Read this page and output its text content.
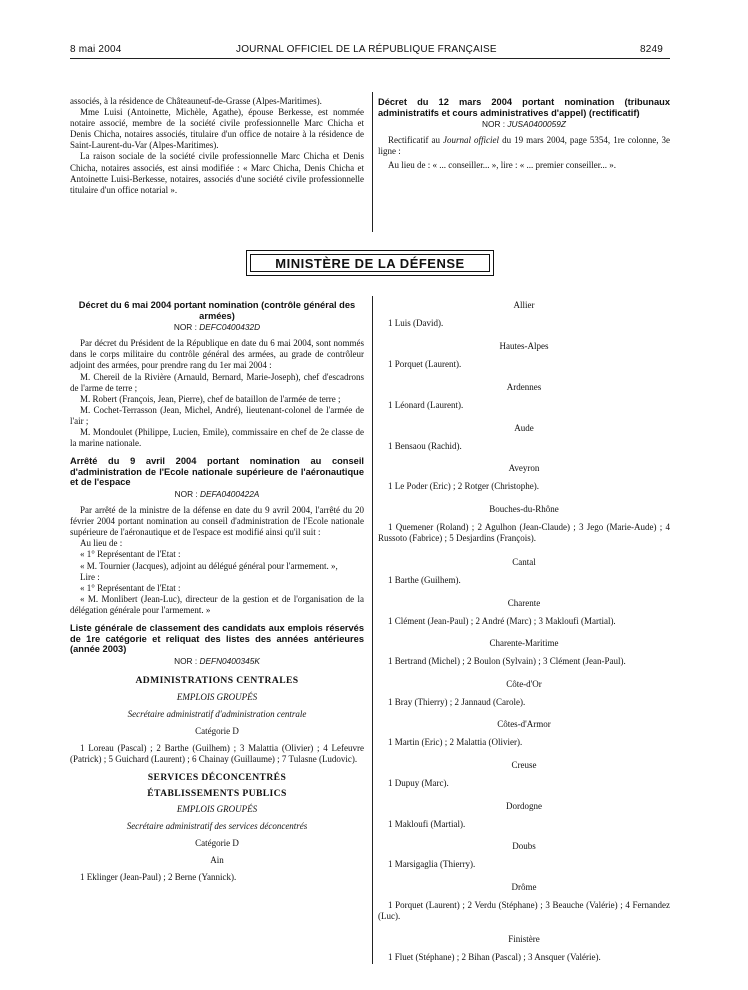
8 mai 2004	JOURNAL OFFICIEL DE LA RÉPUBLIQUE FRANÇAISE	8249

associés, à la résidence de Châteauneuf-de-Grasse (Alpes-Maritimes).

Mme Luisi (Antoinette, Michèle, Agathe), épouse Berkesse, est nommée notaire associé, membre de la société civile professionnelle Marc Chicha et Denis Chicha, notaires associés, titulaire d'un office de notaire à la résidence de Saint-Laurent-du-Var (Alpes-Maritimes).

La raison sociale de la société civile professionnelle Marc Chicha et Denis Chicha, notaires associés, est ainsi modifiée : « Marc Chicha, Denis Chicha et Antoinette Luisi-Berkesse, notaires, associés d'une société civile professionnelle titulaire d'un office notarial ».

Décret du 12 mars 2004 portant nomination (tribunaux administratifs et cours administratives d'appel) (rectificatif)
NOR : JUSA0400059Z

Rectificatif au Journal officiel du 19 mars 2004, page 5354, 1re colonne, 3e ligne :

Au lieu de : « ... conseiller... », lire : « ... premier conseiller... ».

MINISTÈRE DE LA DÉFENSE
Décret du 6 mai 2004 portant nomination (contrôle général des armées)
NOR : DEFC0400432D

Par décret du Président de la République en date du 6 mai 2004, sont nommés dans le corps militaire du contrôle général des armées, au grade de contrôleur adjoint des armées, pour prendre rang du 1er mai 2004 :

M. Chereil de la Rivière (Arnauld, Bernard, Marie-Joseph), chef d'escadrons de l'arme de terre ;

M. Robert (François, Jean, Pierre), chef de bataillon de l'armée de terre ;

M. Cochet-Terrasson (Jean, Michel, André), lieutenant-colonel de l'armée de l'air ;

M. Mondoulet (Philippe, Lucien, Emile), commissaire en chef de 2e classe de la marine nationale.

Arrêté du 9 avril 2004 portant nomination au conseil d'administration de l'Ecole nationale supérieure de l'aéronautique et de l'espace
NOR : DEFA0400422A

Par arrêté de la ministre de la défense en date du 9 avril 2004, l'arrêté du 20 février 2004 portant nomination au conseil d'administration de l'Ecole nationale supérieure de l'aéronautique et de l'espace est modifié ainsi qu'il suit :

Au lieu de :

« 1° Représentant de l'Etat :

« M. Tournier (Jacques), adjoint au délégué général pour l'armement. »,

Lire :

« 1° Représentant de l'Etat :

« M. Monlibert (Jean-Luc), directeur de la gestion et de l'organisation de la délégation générale pour l'armement. »

Liste générale de classement des candidats aux emplois réservés de 1re catégorie et reliquat des listes des années antérieures (année 2003)
NOR : DEFN0400345K
ADMINISTRATIONS CENTRALES
EMPLOIS GROUPÉS
Secrétaire administratif d'administration centrale
Catégorie D

1 Loreau (Pascal) ; 2 Barthe (Guilhem) ; 3 Malattia (Olivier) ; 4 Lefeuvre (Patrick) ; 5 Guichard (Laurent) ; 6 Chainay (Guillaume) ; 7 Tulasne (Ludovic).

SERVICES DÉCONCENTRÉS
ÉTABLISSEMENTS PUBLICS
EMPLOIS GROUPÉS
Secrétaire administratif des services déconcentrés
Catégorie D
Ain

1 Eklinger (Jean-Paul) ; 2 Berne (Yannick).

Allier

1 Luis (David).

Hautes-Alpes

1 Porquet (Laurent).

Ardennes

1 Léonard (Laurent).

Aude

1 Bensaou (Rachid).

Aveyron

1 Le Poder (Eric) ; 2 Rotger (Christophe).

Bouches-du-Rhône

1 Quemener (Roland) ; 2 Agulhon (Jean-Claude) ; 3 Jego (Marie-Aude) ; 4 Russoto (Fabrice) ; 5 Desjardins (François).

Cantal

1 Barthe (Guilhem).

Charente

1 Clément (Jean-Paul) ; 2 André (Marc) ; 3 Makloufi (Martial).

Charente-Maritime

1 Bertrand (Michel) ; 2 Boulon (Sylvain) ; 3 Clément (Jean-Paul).

Côte-d'Or

1 Bray (Thierry) ; 2 Jannaud (Carole).

Côtes-d'Armor

1 Martin (Eric) ; 2 Malattia (Olivier).

Creuse

1 Dupuy (Marc).

Dordogne

1 Makloufi (Martial).

Doubs

1 Marsigaglia (Thierry).

Drôme

1 Porquet (Laurent) ; 2 Verdu (Stéphane) ; 3 Beauche (Valérie) ; 4 Fernandez (Luc).

Finistère

1 Fluet (Stéphane) ; 2 Bihan (Pascal) ; 3 Ansquer (Valérie).
